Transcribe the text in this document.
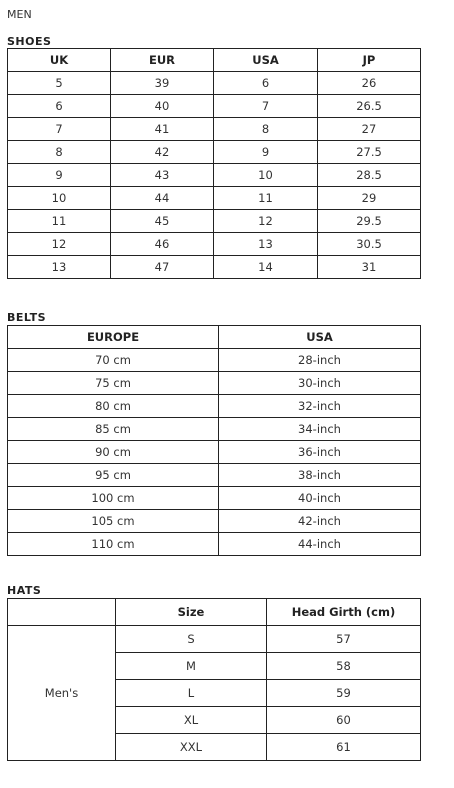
MEN
SHOES
UK	EUR	USA	JP
5	39	6	26
6	40	7	26.5
7	41	8	27
8	42	9	27.5
9	43	10	28.5
10	44	11	29
11	45	12	29.5
12	46	13	30.5
13	47	14	31
BELTS
EUROPE	USA
70 cm	28-inch
75 cm	30-inch
80 cm	32-inch
85 cm	34-inch
90 cm	36-inch
95 cm	38-inch
100 cm	40-inch
105 cm	42-inch
110 cm	44-inch
HATS
	Size	Head Girth (cm)
Men's	S	57
	M	58
	L	59
	XL	60
	XXL	61
